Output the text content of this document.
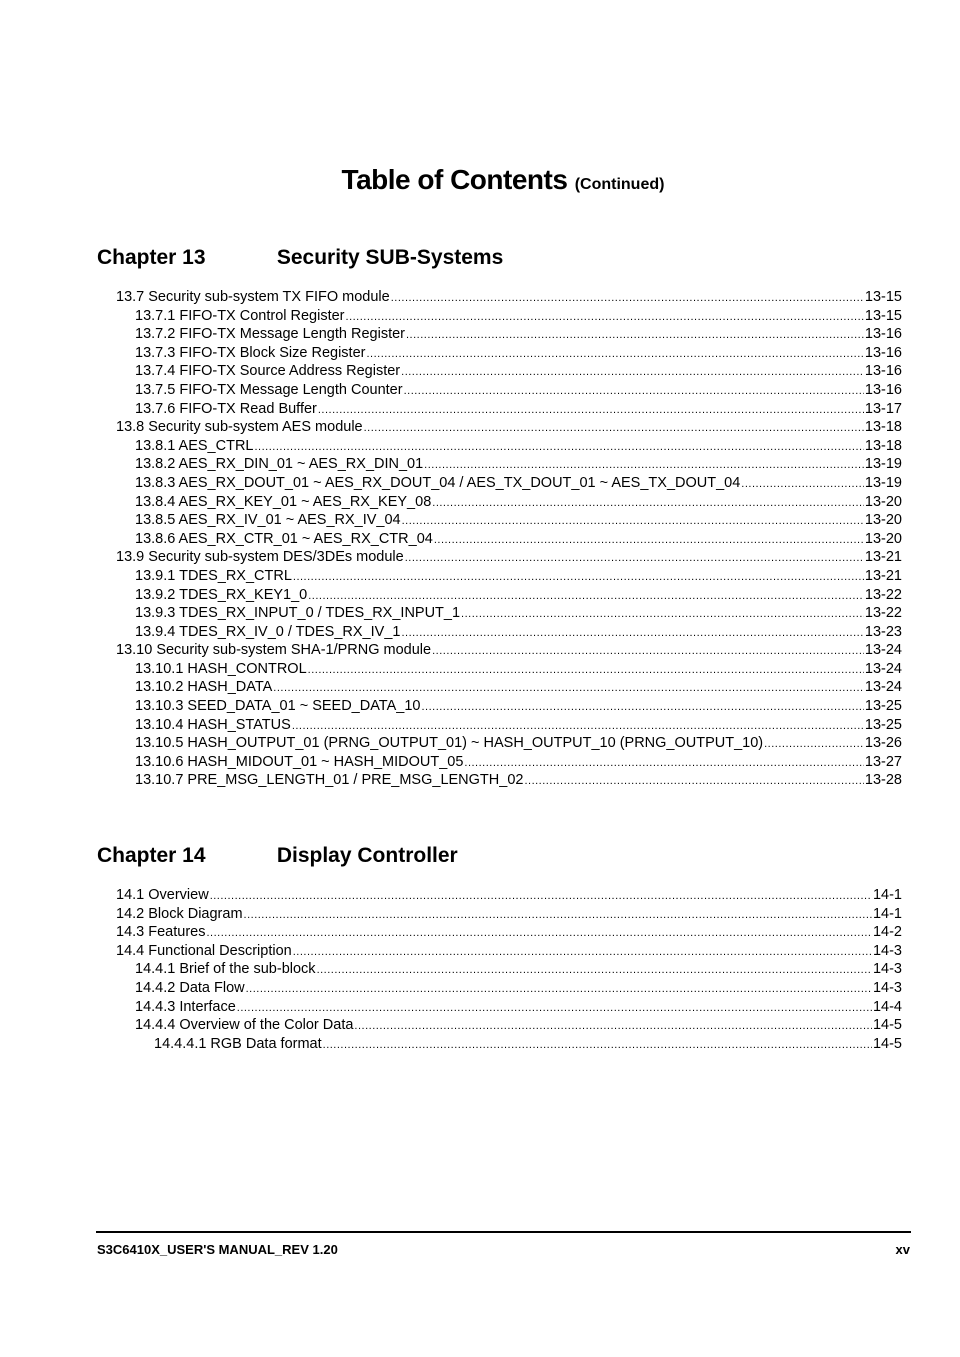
Table of Contents (Continued)
Chapter 13	Security SUB-Systems
13.7 Security sub-system TX FIFO module .....	13-15
13.7.1 FIFO-TX Control Register .....	13-15
13.7.2 FIFO-TX Message Length Register .....	13-16
13.7.3 FIFO-TX Block Size Register .....	13-16
13.7.4 FIFO-TX Source Address Register .....	13-16
13.7.5 FIFO-TX Message Length Counter .....	13-16
13.7.6 FIFO-TX Read Buffer .....	13-17
13.8 Security sub-system AES module .....	13-18
13.8.1 AES_CTRL .....	13-18
13.8.2 AES_RX_DIN_01 ~ AES_RX_DIN_01 .....	13-19
13.8.3 AES_RX_DOUT_01 ~ AES_RX_DOUT_04 / AES_TX_DOUT_01 ~ AES_TX_DOUT_04 .....	13-19
13.8.4 AES_RX_KEY_01 ~ AES_RX_KEY_08 .....	13-20
13.8.5 AES_RX_IV_01 ~ AES_RX_IV_04 .....	13-20
13.8.6 AES_RX_CTR_01 ~ AES_RX_CTR_04 .....	13-20
13.9 Security sub-system DES/3DEs module .....	13-21
13.9.1 TDES_RX_CTRL .....	13-21
13.9.2 TDES_RX_KEY1_0 .....	13-22
13.9.3 TDES_RX_INPUT_0 / TDES_RX_INPUT_1 .....	13-22
13.9.4 TDES_RX_IV_0 / TDES_RX_IV_1 .....	13-23
13.10 Security sub-system SHA-1/PRNG module .....	13-24
13.10.1 HASH_CONTROL .....	13-24
13.10.2 HASH_DATA .....	13-24
13.10.3 SEED_DATA_01 ~ SEED_DATA_10 .....	13-25
13.10.4 HASH_STATUS .....	13-25
13.10.5 HASH_OUTPUT_01 (PRNG_OUTPUT_01) ~ HASH_OUTPUT_10 (PRNG_OUTPUT_10) .....	13-26
13.10.6 HASH_MIDOUT_01 ~ HASH_MIDOUT_05 .....	13-27
13.10.7 PRE_MSG_LENGTH_01 / PRE_MSG_LENGTH_02 .....	13-28
Chapter 14	Display Controller
14.1 Overview .....	14-1
14.2 Block Diagram .....	14-1
14.3 Features .....	14-2
14.4 Functional Description .....	14-3
14.4.1 Brief of the sub-block .....	14-3
14.4.2 Data Flow .....	14-3
14.4.3 Interface .....	14-4
14.4.4 Overview of the Color Data .....	14-5
14.4.4.1 RGB Data format .....	14-5
S3C6410X_USER'S MANUAL_REV 1.20	xv
